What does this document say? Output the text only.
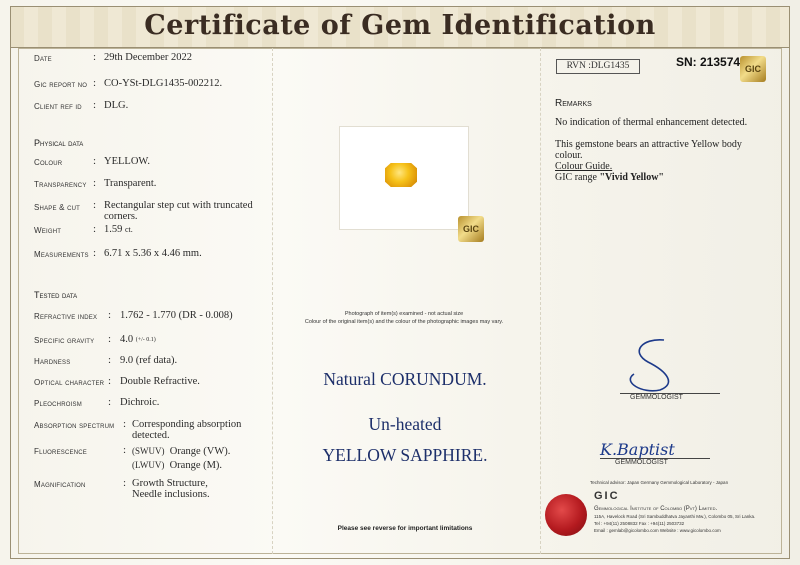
Certificate of Gem Identification
Date	: 29th December 2022
Gic report no : CO-YSt-DLG1435-002212.
Client ref id : DLG.
Physical data
Colour	: YELLOW.
Transparency : Transparent.
Shape & cut : Rectangular step cut with truncated
corners.
Weight	: 1.59 ct.
Measurements : 6.71 x 5.36 x 4.46 mm.
Tested data
Refractive index : 1.762 - 1.770 (DR - 0.008)
Specific gravity : 4.0 $^{(+/- 0.1)}$
Hardness	: 9.0 (ref data).
Optical character : Double Refractive.
Pleochroism : Dichroic.
Absorption spectrum : Corresponding absorption
detected.
Fluorescence	: (SWUV) Orange (VW).
(LWUV) Orange (M).
Magnification	: Growth Structure,
Needle inclusions.
GIC
Photograph of item(s) examined - not actual size
Colour of the original item(s) and the colour of the photographic images may vary.
Natural CORUNDUM.
Un-heated
YELLOW SAPPHIRE.
Please see reverse for important limitations
RVN :DLG1435	SN: 213574 GIC
Remarks
No indication of thermal enhancement detected.
This gemstone bears an attractive Yellow body
colour.
Colour Guide.
GIC range "Vivid Yellow"
GEMMOLOGIST
K.Baptist
GEMMOLOGIST
Technical advisor: Japan Germany Gemmological Laboratory - Japan
GIC
Gemmological Institute of Colombo (Pvt) Limited.
115A, Havelock Road (Sri Sambuddhatva Jayanthi Mw.), Colombo 05, Sri Lanka.
Tel : +94(11) 2508832 Fax : +94(11) 2503732
Email : gemlab@gicolombo.com Website : www.gicolombo.com
